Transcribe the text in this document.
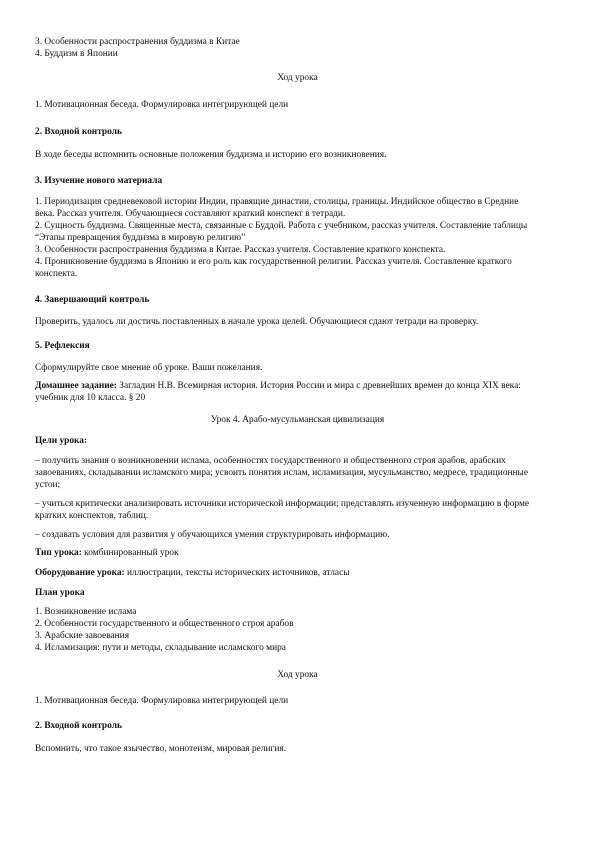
3. Особенности распространения буддизма в Китае
4. Буддизм в Японии
Ход урока
1. Мотивационная беседа. Формулировка интегрирующей цели
2. Входной контроль
В ходе беседы вспомнить основные положения буддизма и историю его возникновения.
3. Изучение нового материала
1. Периодизация средневековой истории Индии, правящие династии, столицы, границы. Индийское общество в Средние
века. Рассказ учителя. Обучающиеся составляют краткий конспект в тетради.
2. Сущность буддизма. Священные места, связанные с Буддой. Работа с учебником, рассказ учителя. Составление таблицы
“Этапы превращения буддизма в мировую религию”
3. Особенности распространения буддизма в Китае. Рассказ учителя. Составление краткого конспекта.
4. Проникновение буддизма в Японию и его роль как государственной религии. Рассказ учителя. Составление краткого
конспекта.
4. Завершающий контроль
Проверить, удалось ли достичь поставленных в начале урока целей. Обучающиеся сдают тетради на проверку.
5. Рефлексия
Сформулируйте свое мнение об уроке. Ваши пожелания.
Домашнее задание: Загладин Н.В. Всемирная история. История России и мира с древнейших времен до конца XIX века:
учебник для 10 класса. § 20
Урок 4. Арабо-мусульманская цивилизация
Цели урока:
– получить знания о возникновении ислама, особенностях государственного и общественного строя арабов, арабских
завоеваниях, складывании исламского мира; усвоить понятия ислам, исламизация, мусульманство, медресе, традиционные
устои;
– учиться критически анализировать источники исторической информации; представлять изученную информацию в форме
кратких конспектов, таблиц.
– создавать условия для развития у обучающихся умения структурировать информацию.
Тип урока: комбинированный урок
Оборудование урока: иллюстрации, тексты исторических источников, атласы
План урока
1. Возникновение ислама
2. Особенности государственного и общественного строя арабов
3. Арабские завоевания
4. Исламизация: пути и методы, складывание исламского мира
Ход урока
1. Мотивационная беседа. Формулировка интегрирующей цели
2. Входной контроль
Вспомнить, что такое язычество, монотеизм, мировая религия.
